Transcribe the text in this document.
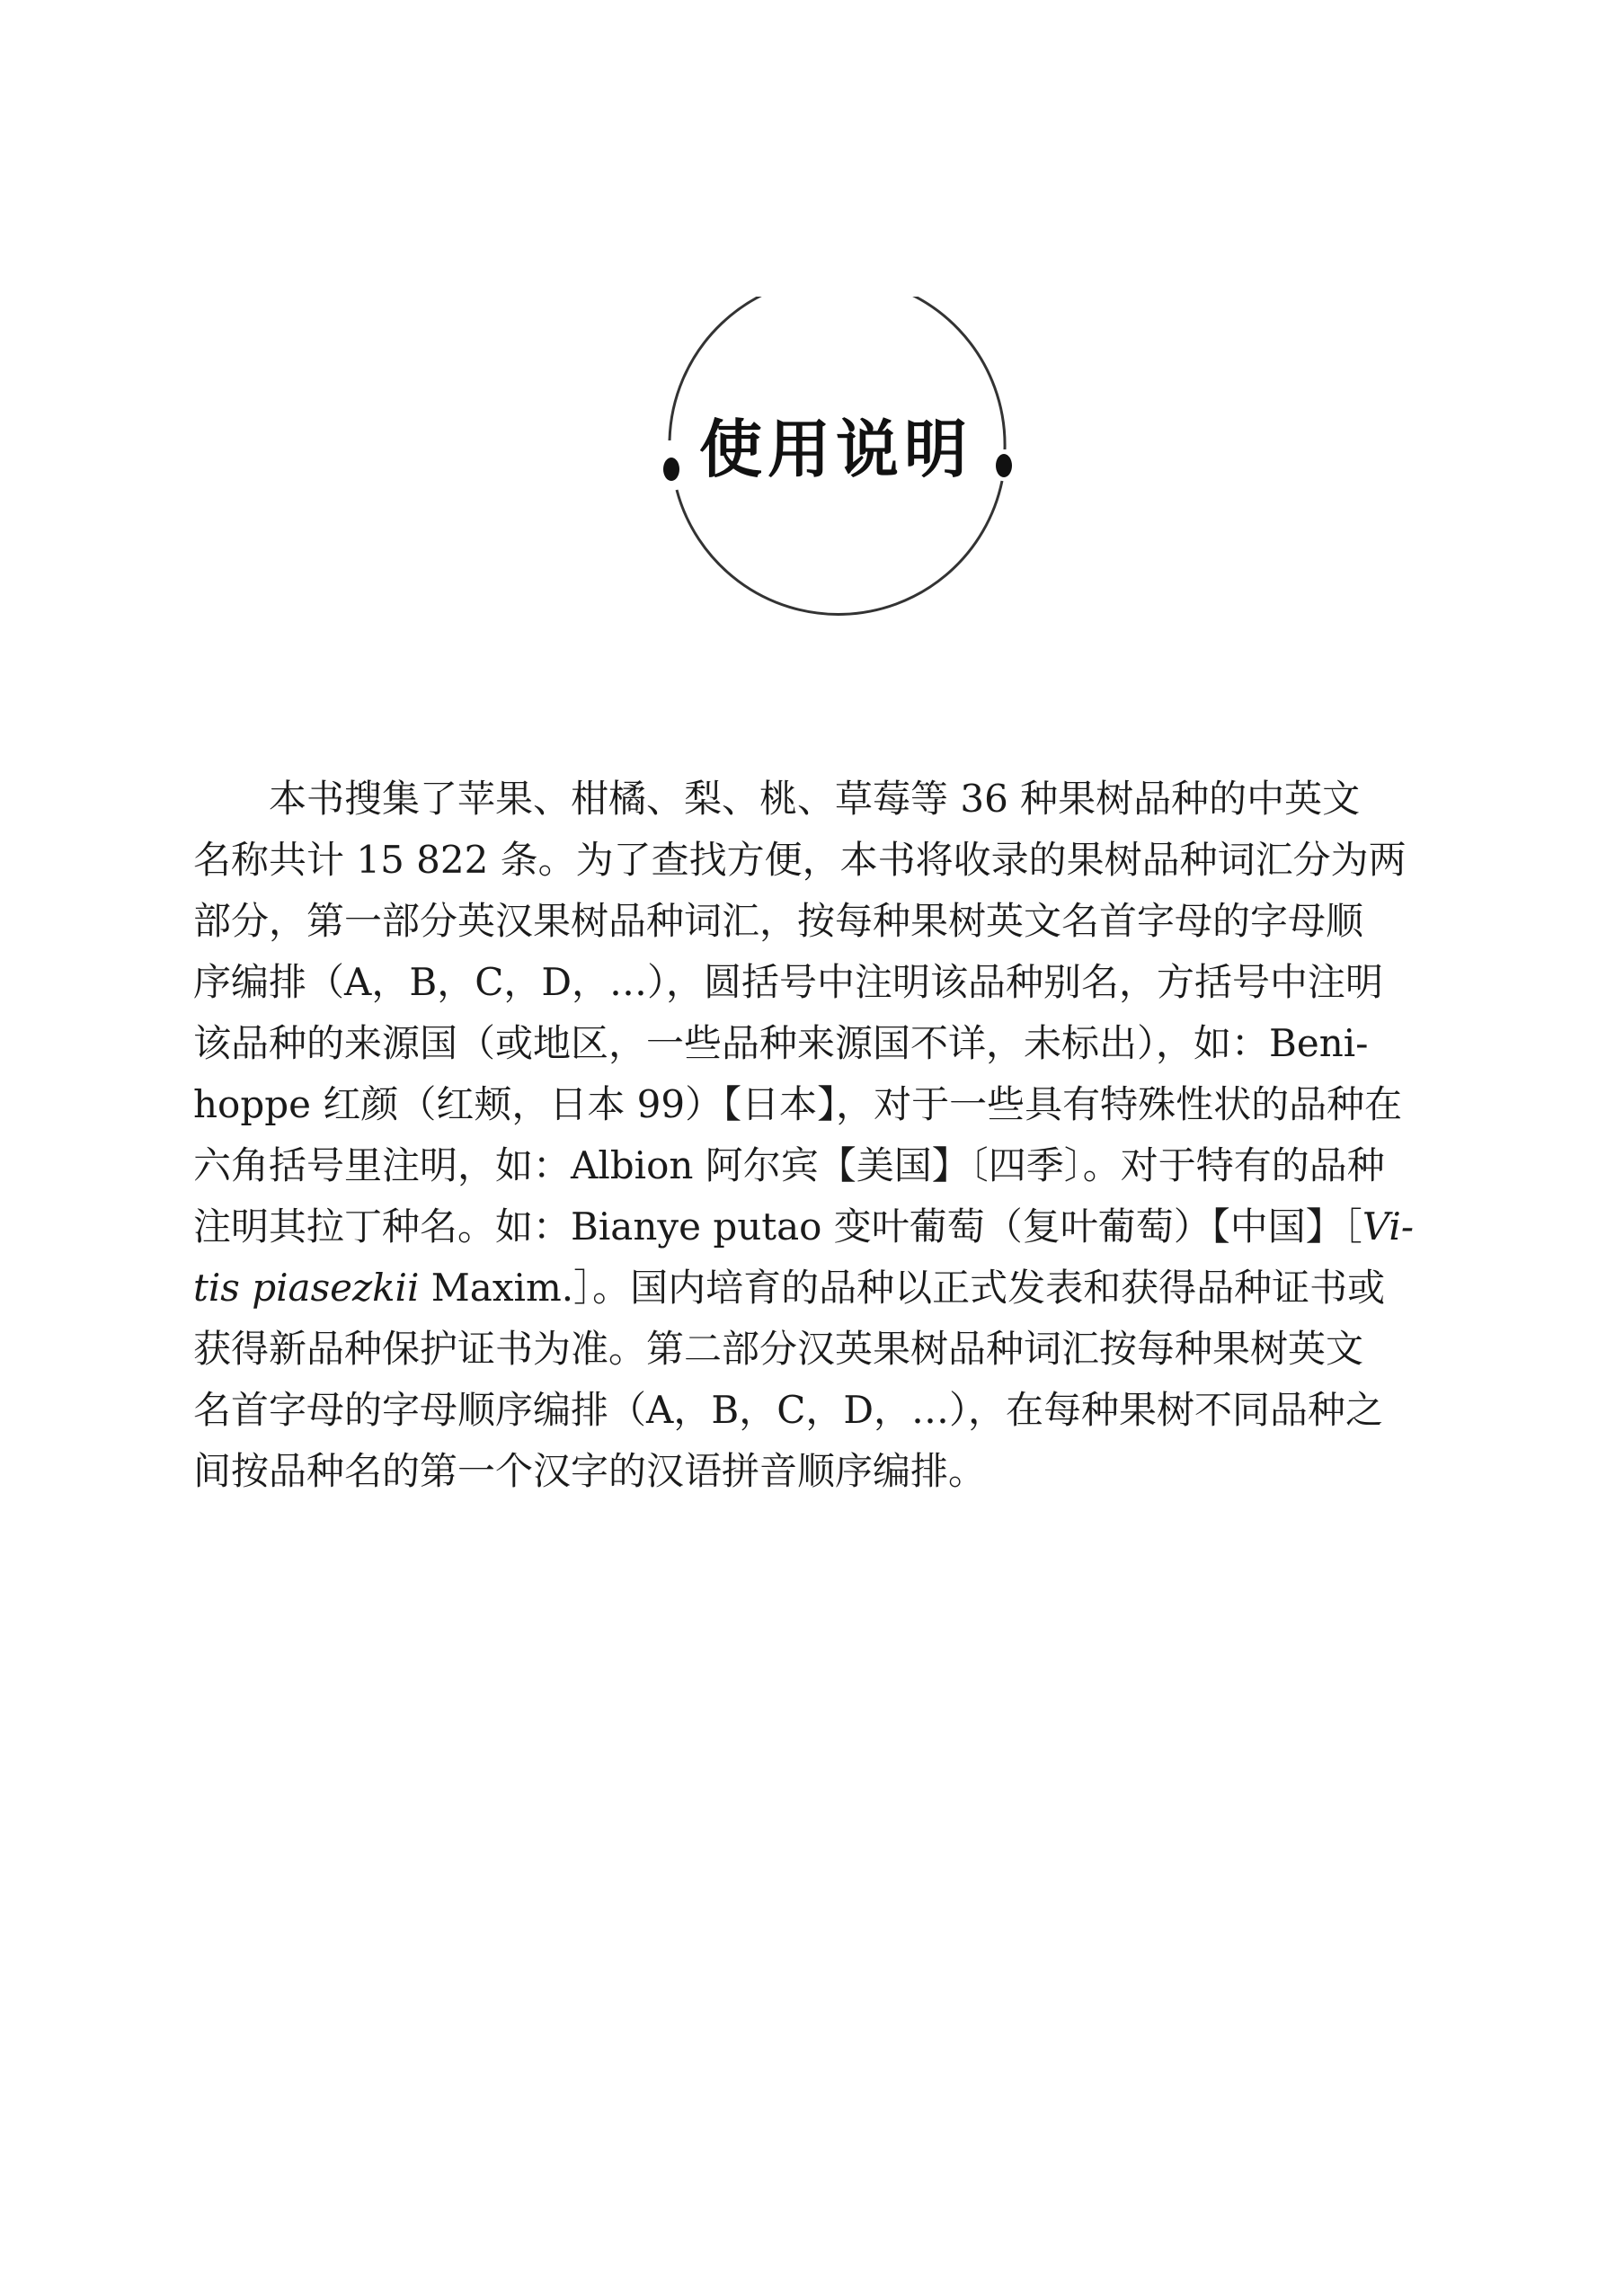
使用说明
本书搜集了苹果、柑橘、梨、桃、草莓等 36 种果树品种的中英文
名称共计 15 822 条。为了查找方便，本书将收录的果树品种词汇分为两
部分，第一部分英汉果树品种词汇，按每种果树英文名首字母的字母顺
序编排（A，B，C，D，…），圆括号中注明该品种别名，方括号中注明
该品种的来源国（或地区，一些品种来源国不详，未标出），如：Beni-
hoppe 红颜（红颊，日本 99）【日本】，对于一些具有特殊性状的品种在
六角括号里注明，如：Albion 阿尔宾【美国】〔四季〕。对于特有的品种
注明其拉丁种名。如：Bianye putao 变叶葡萄（复叶葡萄）【中国】［Vi-
tis piasezkii Maxim.］。国内培育的品种以正式发表和获得品种证书或
获得新品种保护证书为准。第二部分汉英果树品种词汇按每种果树英文
名首字母的字母顺序编排（A，B，C，D，…），在每种果树不同品种之
间按品种名的第一个汉字的汉语拼音顺序编排。
